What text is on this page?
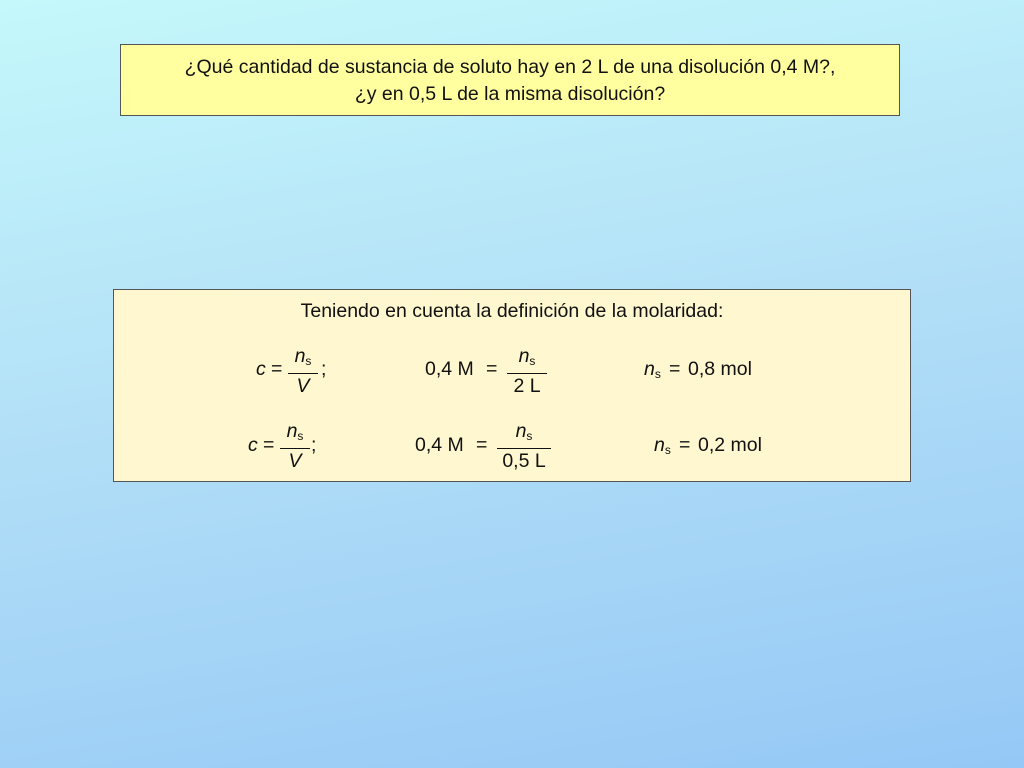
¿Qué cantidad de sustancia de soluto hay en 2 L de una disolución 0,4 M?,
¿y en 0,5 L de la misma disolución?
Teniendo en cuenta la definición de la molaridad:
c =
$n_s$
V
;	0,4 M =
$n_s$
2 L
$n_s = 0,8$ mol
c =
$n_s$
V
;	0,4 M =
$n_s$
0,5 L
$n_s = 0,2$ mol
